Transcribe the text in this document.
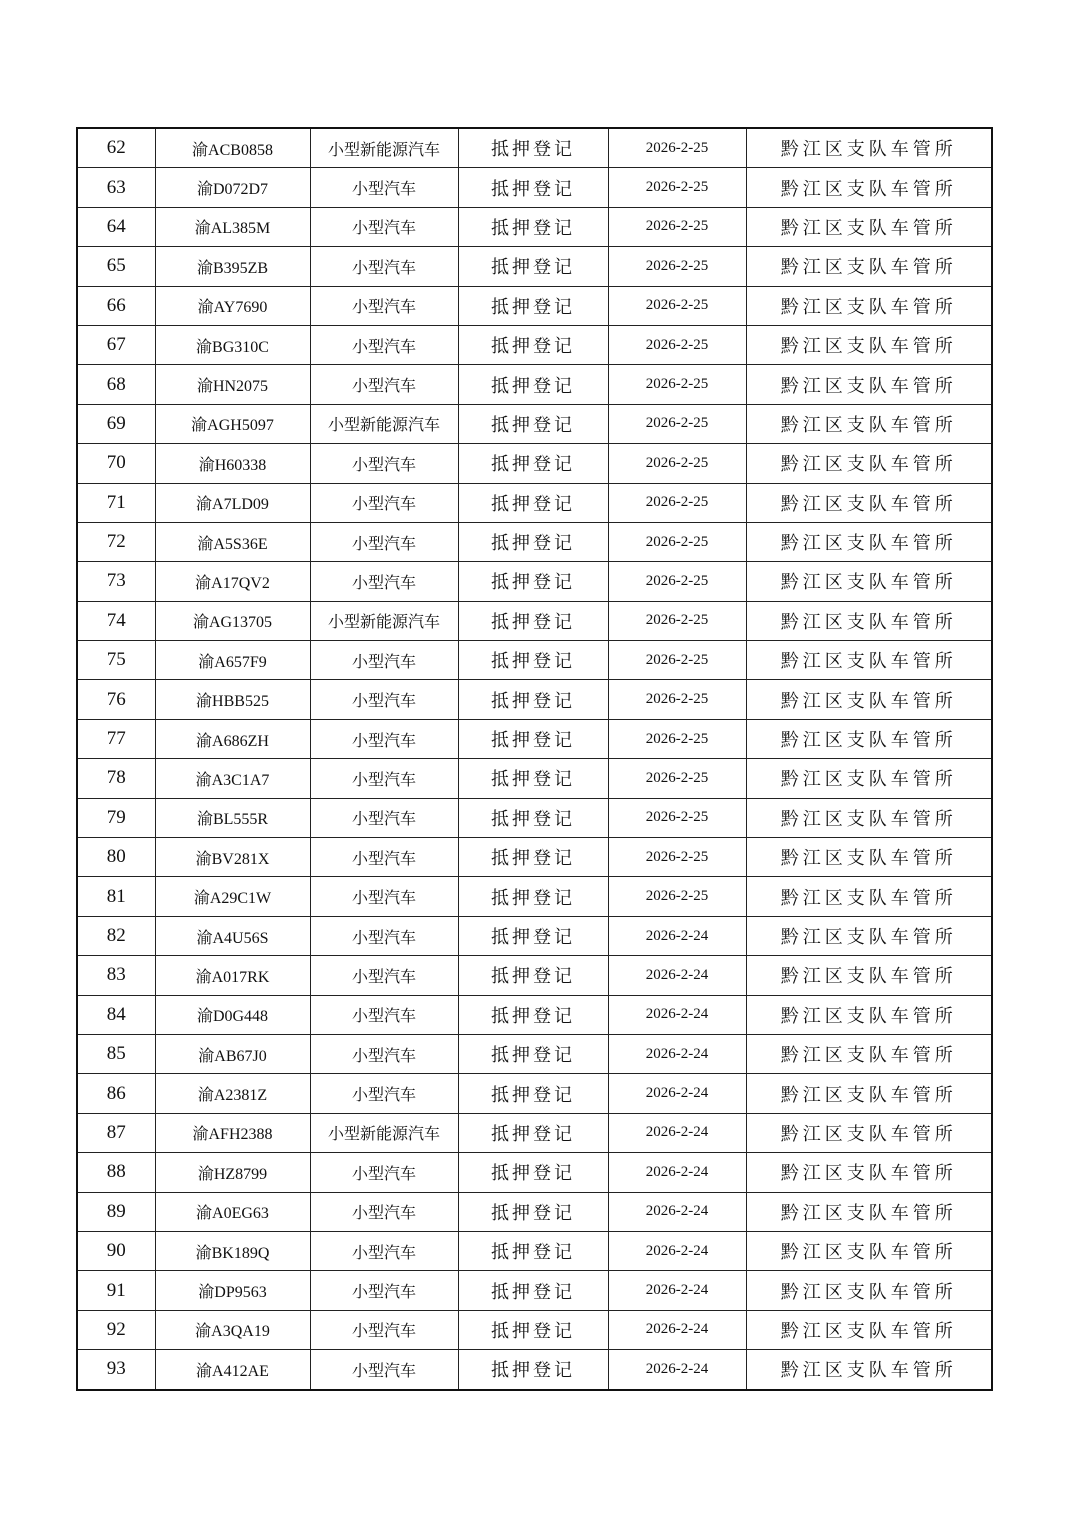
62	渝ACB0858	小型新能源汽车	抵押登记	2026-2-25	黔江区支队车管所
63	渝D072D7	小型汽车	抵押登记	2026-2-25	黔江区支队车管所
64	渝AL385M	小型汽车	抵押登记	2026-2-25	黔江区支队车管所
65	渝B395ZB	小型汽车	抵押登记	2026-2-25	黔江区支队车管所
66	渝AY7690	小型汽车	抵押登记	2026-2-25	黔江区支队车管所
67	渝BG310C	小型汽车	抵押登记	2026-2-25	黔江区支队车管所
68	渝HN2075	小型汽车	抵押登记	2026-2-25	黔江区支队车管所
69	渝AGH5097	小型新能源汽车	抵押登记	2026-2-25	黔江区支队车管所
70	渝H60338	小型汽车	抵押登记	2026-2-25	黔江区支队车管所
71	渝A7LD09	小型汽车	抵押登记	2026-2-25	黔江区支队车管所
72	渝A5S36E	小型汽车	抵押登记	2026-2-25	黔江区支队车管所
73	渝A17QV2	小型汽车	抵押登记	2026-2-25	黔江区支队车管所
74	渝AG13705	小型新能源汽车	抵押登记	2026-2-25	黔江区支队车管所
75	渝A657F9	小型汽车	抵押登记	2026-2-25	黔江区支队车管所
76	渝HBB525	小型汽车	抵押登记	2026-2-25	黔江区支队车管所
77	渝A686ZH	小型汽车	抵押登记	2026-2-25	黔江区支队车管所
78	渝A3C1A7	小型汽车	抵押登记	2026-2-25	黔江区支队车管所
79	渝BL555R	小型汽车	抵押登记	2026-2-25	黔江区支队车管所
80	渝BV281X	小型汽车	抵押登记	2026-2-25	黔江区支队车管所
81	渝A29C1W	小型汽车	抵押登记	2026-2-25	黔江区支队车管所
82	渝A4U56S	小型汽车	抵押登记	2026-2-24	黔江区支队车管所
83	渝A017RK	小型汽车	抵押登记	2026-2-24	黔江区支队车管所
84	渝D0G448	小型汽车	抵押登记	2026-2-24	黔江区支队车管所
85	渝AB67J0	小型汽车	抵押登记	2026-2-24	黔江区支队车管所
86	渝A2381Z	小型汽车	抵押登记	2026-2-24	黔江区支队车管所
87	渝AFH2388	小型新能源汽车	抵押登记	2026-2-24	黔江区支队车管所
88	渝HZ8799	小型汽车	抵押登记	2026-2-24	黔江区支队车管所
89	渝A0EG63	小型汽车	抵押登记	2026-2-24	黔江区支队车管所
90	渝BK189Q	小型汽车	抵押登记	2026-2-24	黔江区支队车管所
91	渝DP9563	小型汽车	抵押登记	2026-2-24	黔江区支队车管所
92	渝A3QA19	小型汽车	抵押登记	2026-2-24	黔江区支队车管所
93	渝A412AE	小型汽车	抵押登记	2026-2-24	黔江区支队车管所
